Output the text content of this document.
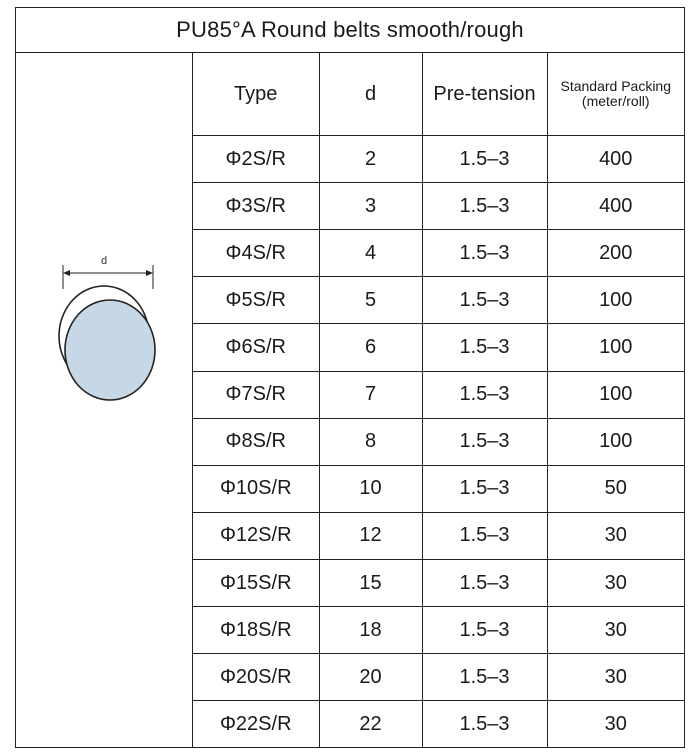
PU85°A Round belts smooth/rough
d
Type	d	Pre-tension	Standard Packing
(meter/roll)

Φ2S/R	2	1.5–3	400
Φ3S/R	3	1.5–3	400
Φ4S/R	4	1.5–3	200
Φ5S/R	5	1.5–3	100
Φ6S/R	6	1.5–3	100
Φ7S/R	7	1.5–3	100
Φ8S/R	8	1.5–3	100
Φ10S/R	10	1.5–3	50
Φ12S/R	12	1.5–3	30
Φ15S/R	15	1.5–3	30
Φ18S/R	18	1.5–3	30
Φ20S/R	20	1.5–3	30
Φ22S/R	22	1.5–3	30
